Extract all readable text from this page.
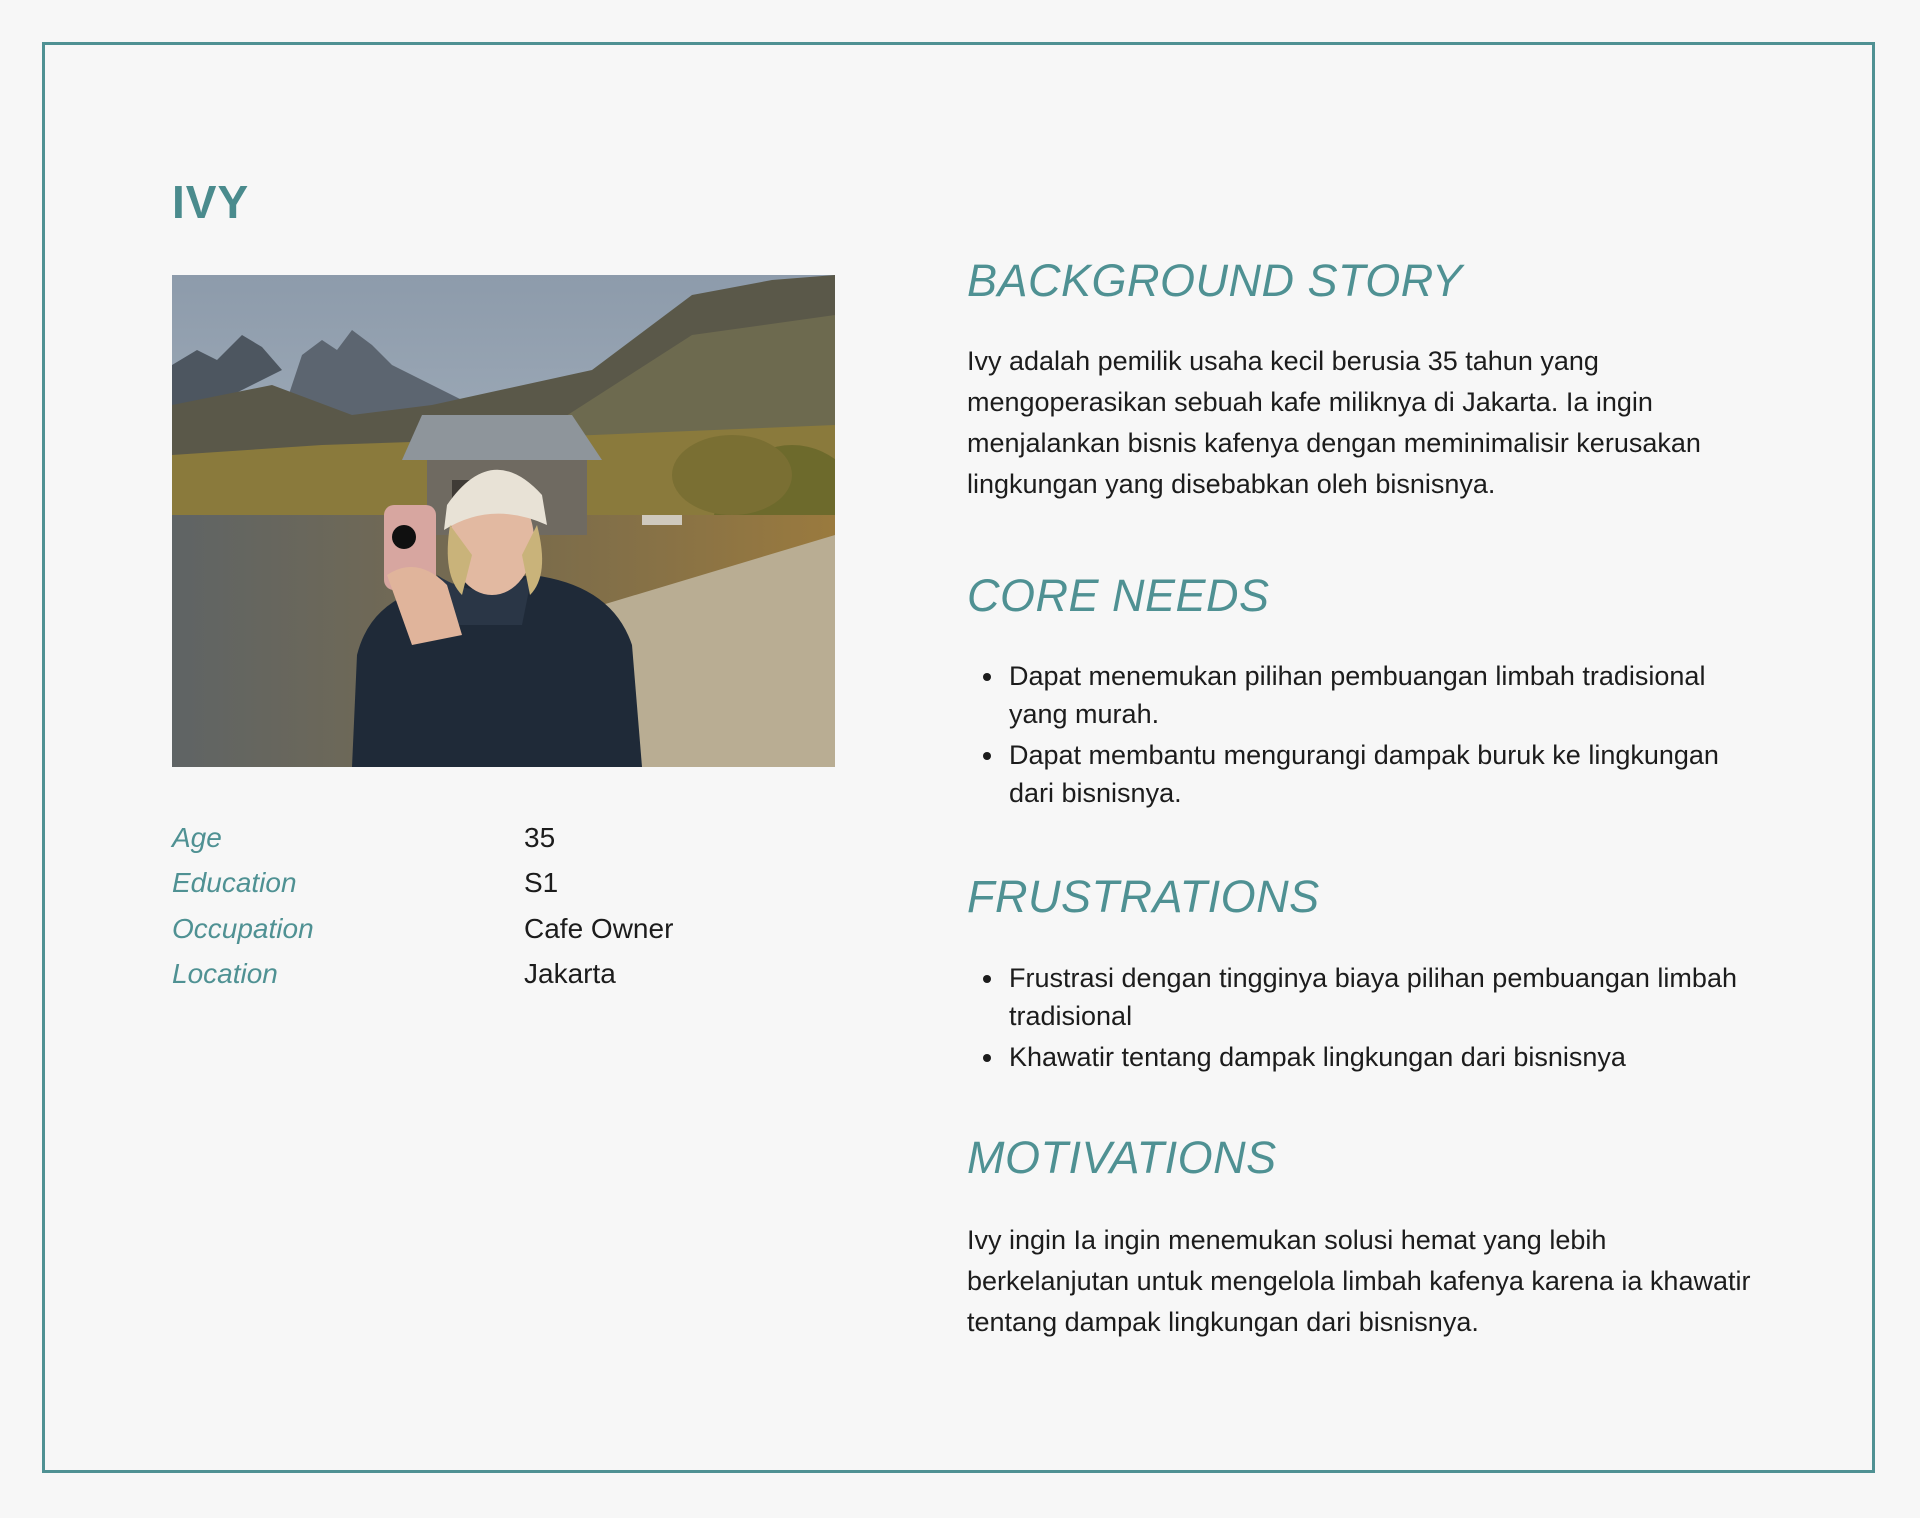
IVY
Age	35
Education	S1
Occupation	Cafe Owner
Location	Jakarta
BACKGROUND STORY

Ivy adalah pemilik usaha kecil berusia 35 tahun yang mengoperasikan sebuah kafe miliknya di Jakarta. Ia ingin menjalankan bisnis kafenya dengan meminimalisir kerusakan lingkungan yang disebabkan oleh bisnisnya.

CORE NEEDS
Dapat menemukan pilihan pembuangan limbah tradisional yang murah.
Dapat membantu mengurangi dampak buruk ke lingkungan dari bisnisnya.
FRUSTRATIONS
Frustrasi dengan tingginya biaya pilihan pembuangan limbah tradisional
Khawatir tentang dampak lingkungan dari bisnisnya
MOTIVATIONS

Ivy ingin Ia ingin menemukan solusi hemat yang lebih berkelanjutan untuk mengelola limbah kafenya karena ia khawatir tentang dampak lingkungan dari bisnisnya.
